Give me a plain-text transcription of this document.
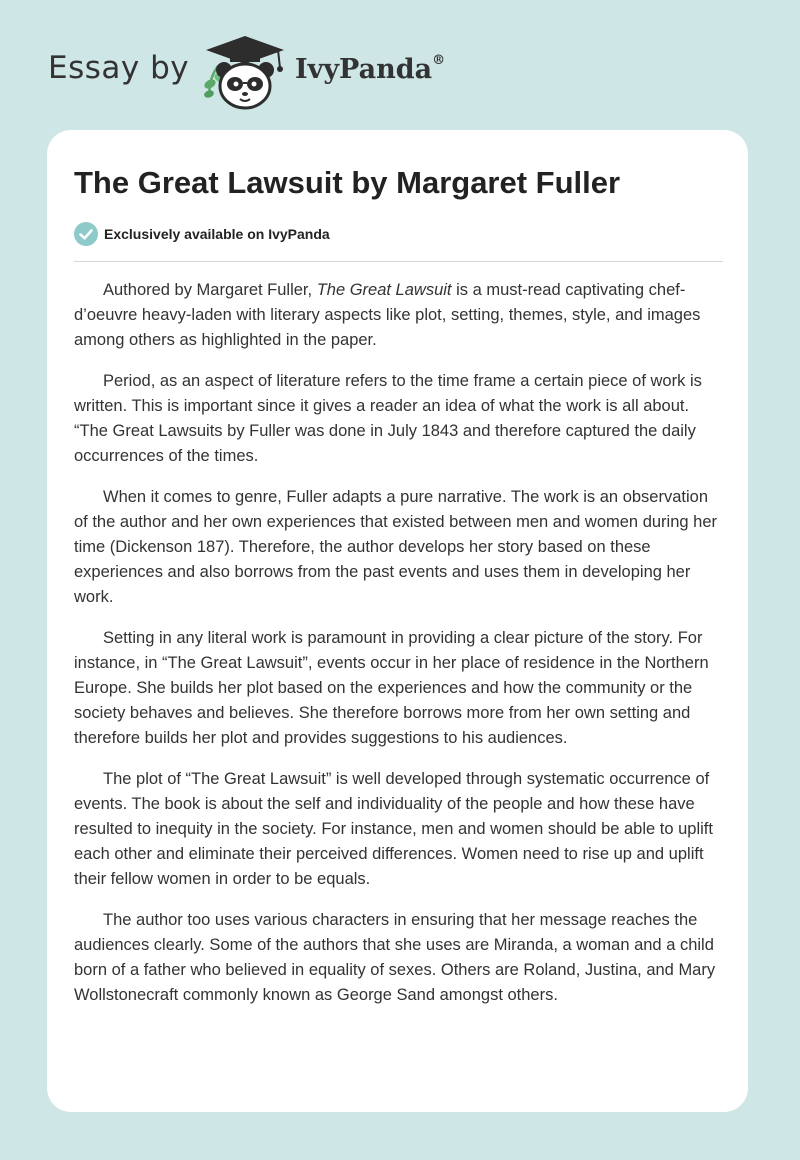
Essay by	IvyPanda®
The Great Lawsuit by Margaret Fuller
Exclusively available on IvyPanda

Authored by Margaret Fuller, The Great Lawsuit is a must-read captivating chef-d’oeuvre heavy-laden with literary aspects like plot, setting, themes, style, and images among others as highlighted in the paper.

Period, as an aspect of literature refers to the time frame a certain piece of work is written. This is important since it gives a reader an idea of what the work is all about. “The Great Lawsuits by Fuller was done in July 1843 and therefore captured the daily occurrences of the times.

When it comes to genre, Fuller adapts a pure narrative. The work is an observation of the author and her own experiences that existed between men and women during her time (Dickenson 187). Therefore, the author develops her story based on these experiences and also borrows from the past events and uses them in developing her work.

Setting in any literal work is paramount in providing a clear picture of the story. For instance, in “The Great Lawsuit”, events occur in her place of residence in the Northern Europe. She builds her plot based on the experiences and how the community or the society behaves and believes. She therefore borrows more from her own setting and therefore builds her plot and provides suggestions to his audiences.

The plot of “The Great Lawsuit” is well developed through systematic occurrence of events. The book is about the self and individuality of the people and how these have resulted to inequity in the society. For instance, men and women should be able to uplift each other and eliminate their perceived differences. Women need to rise up and uplift their fellow women in order to be equals.

The author too uses various characters in ensuring that her message reaches the audiences clearly. Some of the authors that she uses are Miranda, a woman and a child born of a father who believed in equality of sexes. Others are Roland, Justina, and Mary Wollstonecraft commonly known as George Sand amongst others.
